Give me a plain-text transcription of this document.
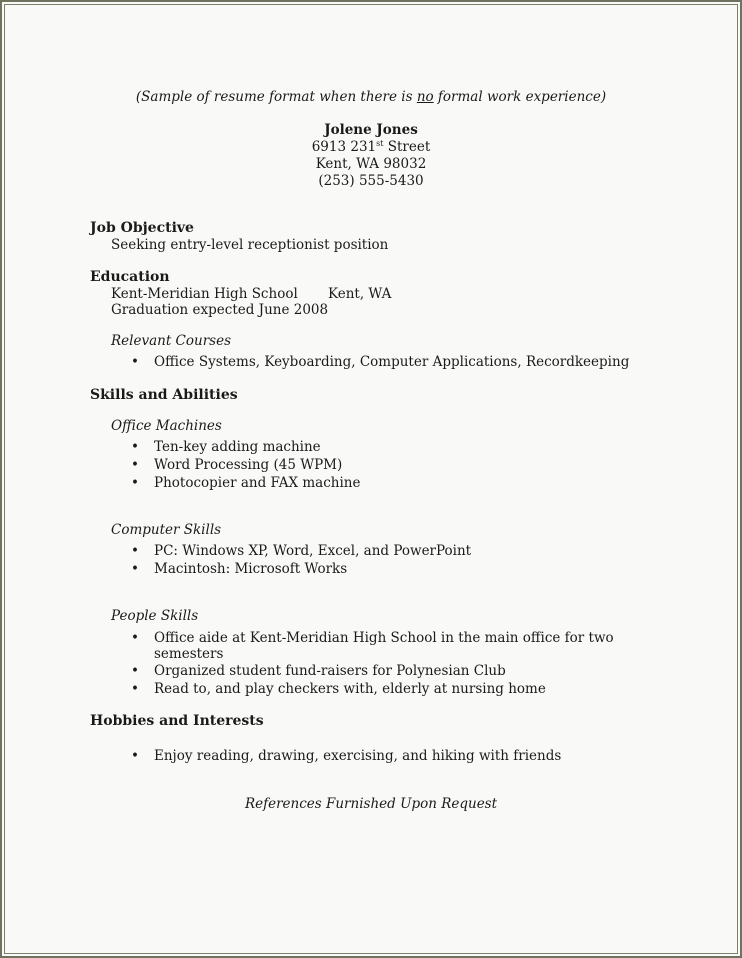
(Sample of resume format when there is no formal work experience)
Jolene Jones
6913 231st Street
Kent, WA 98032
(253) 555-5430
Job Objective
Seeking entry-level receptionist position
Education
Kent-Meridian High School Kent, WA
Graduation expected June 2008
Relevant Courses
• Office Systems, Keyboarding, Computer Applications, Recordkeeping
Skills and Abilities
Office Machines
• Ten-key adding machine
• Word Processing (45 WPM)
• Photocopier and FAX machine
Computer Skills
• PC: Windows XP, Word, Excel, and PowerPoint
• Macintosh: Microsoft Works
People Skills
• Office aide at Kent-Meridian High School in the main office for two
semesters
• Organized student fund-raisers for Polynesian Club
• Read to, and play checkers with, elderly at nursing home
Hobbies and Interests
• Enjoy reading, drawing, exercising, and hiking with friends
References Furnished Upon Request
